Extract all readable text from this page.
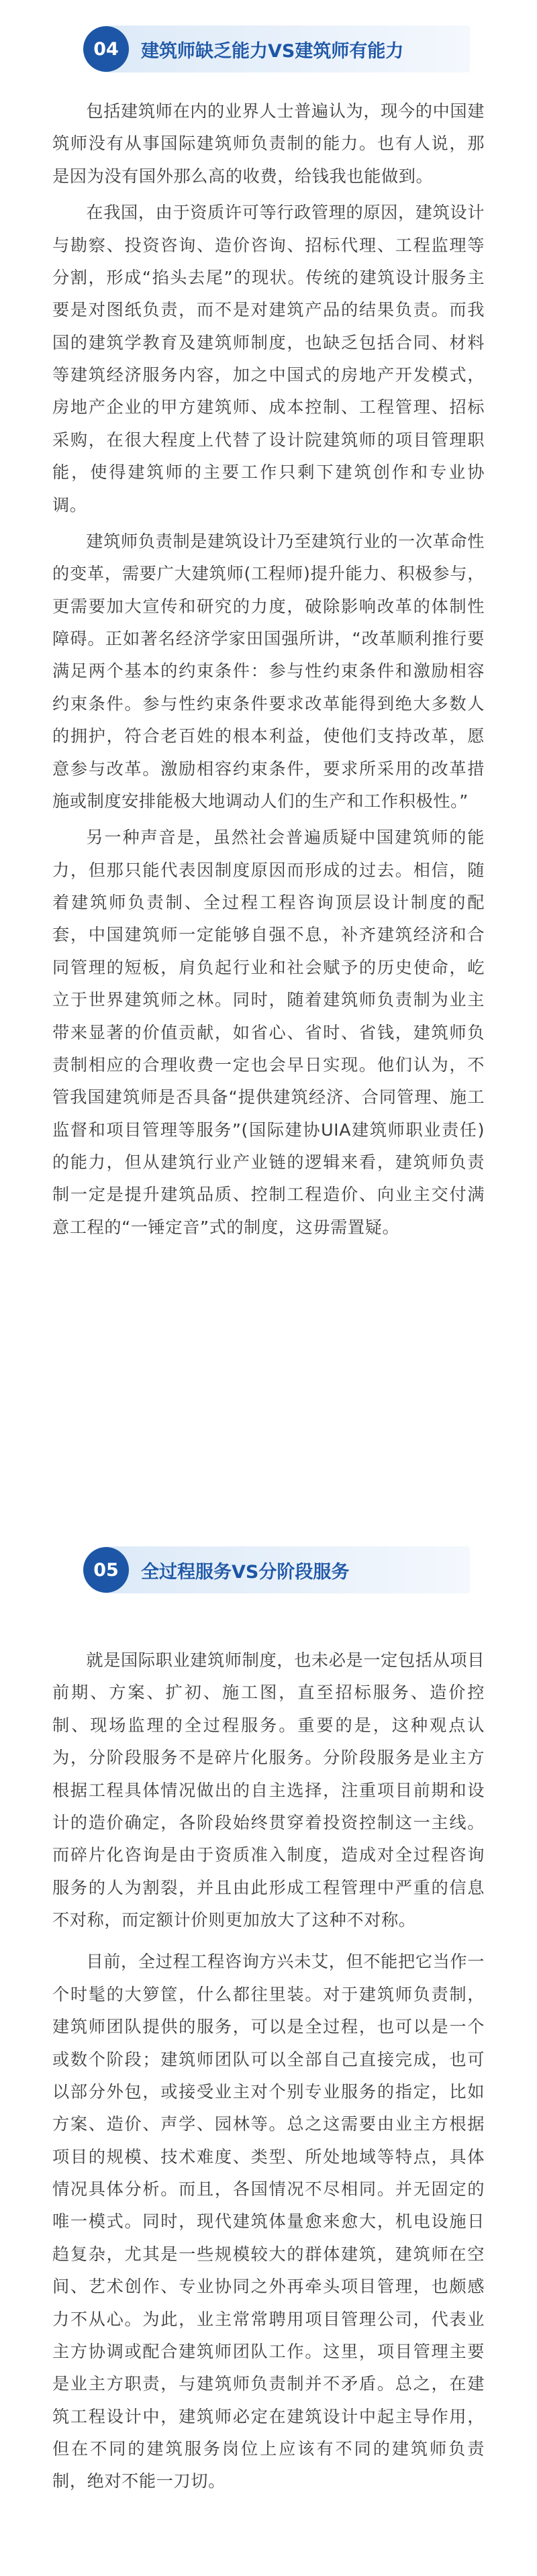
04	建筑师缺乏能力VS建筑师有能力

包括建筑师在内的业界人士普遍认为，现今的中国建筑师没有从事国际建筑师负责制的能力。也有人说，那是因为没有国外那么高的收费，给钱我也能做到。

在我国，由于资质许可等行政管理的原因，建筑设计与勘察、投资咨询、造价咨询、招标代理、工程监理等分割，形成“掐头去尾”的现状。传统的建筑设计服务主要是对图纸负责，而不是对建筑产品的结果负责。而我国的建筑学教育及建筑师制度，也缺乏包括合同、材料等建筑经济服务内容，加之中国式的房地产开发模式，房地产企业的甲方建筑师、成本控制、工程管理、招标采购，在很大程度上代替了设计院建筑师的项目管理职能，使得建筑师的主要工作只剩下建筑创作和专业协调。

建筑师负责制是建筑设计乃至建筑行业的一次革命性的变革，需要广大建筑师(工程师)提升能力、积极参与，更需要加大宣传和研究的力度，破除影响改革的体制性障碍。正如著名经济学家田国强所讲，“改革顺利推行要满足两个基本的约束条件：参与性约束条件和激励相容约束条件。参与性约束条件要求改革能得到绝大多数人的拥护，符合老百姓的根本利益，使他们支持改革，愿意参与改革。激励相容约束条件，要求所采用的改革措施或制度安排能极大地调动人们的生产和工作积极性。”

另一种声音是，虽然社会普遍质疑中国建筑师的能力，但那只能代表因制度原因而形成的过去。相信，随着建筑师负责制、全过程工程咨询顶层设计制度的配套，中国建筑师一定能够自强不息，补齐建筑经济和合同管理的短板，肩负起行业和社会赋予的历史使命，屹立于世界建筑师之林。同时，随着建筑师负责制为业主带来显著的价值贡献，如省心、省时、省钱，建筑师负责制相应的合理收费一定也会早日实现。他们认为，不管我国建筑师是否具备“提供建筑经济、合同管理、施工监督和项目管理等服务”(国际建协UIA建筑师职业责任)的能力，但从建筑行业产业链的逻辑来看，建筑师负责制一定是提升建筑品质、控制工程造价、向业主交付满意工程的“一锤定音”式的制度，这毋需置疑。

05	全过程服务VS分阶段服务

就是国际职业建筑师制度，也未必是一定包括从项目前期、方案、扩初、施工图，直至招标服务、造价控制、现场监理的全过程服务。重要的是，这种观点认为，分阶段服务不是碎片化服务。分阶段服务是业主方根据工程具体情况做出的自主选择，注重项目前期和设计的造价确定，各阶段始终贯穿着投资控制这一主线。而碎片化咨询是由于资质准入制度，造成对全过程咨询服务的人为割裂，并且由此形成工程管理中严重的信息不对称，而定额计价则更加放大了这种不对称。

目前，全过程工程咨询方兴未艾，但不能把它当作一个时髦的大箩筐，什么都往里装。对于建筑师负责制，建筑师团队提供的服务，可以是全过程，也可以是一个或数个阶段；建筑师团队可以全部自己直接完成，也可以部分外包，或接受业主对个别专业服务的指定，比如方案、造价、声学、园林等。总之这需要由业主方根据项目的规模、技术难度、类型、所处地域等特点，具体情况具体分析。而且，各国情况不尽相同。并无固定的唯一模式。同时，现代建筑体量愈来愈大，机电设施日趋复杂，尤其是一些规模较大的群体建筑，建筑师在空间、艺术创作、专业协同之外再牵头项目管理，也颇感力不从心。为此，业主常常聘用项目管理公司，代表业主方协调或配合建筑师团队工作。这里，项目管理主要是业主方职责，与建筑师负责制并不矛盾。总之，在建筑工程设计中，建筑师必定在建筑设计中起主导作用，但在不同的建筑服务岗位上应该有不同的建筑师负责制，绝对不能一刀切。
